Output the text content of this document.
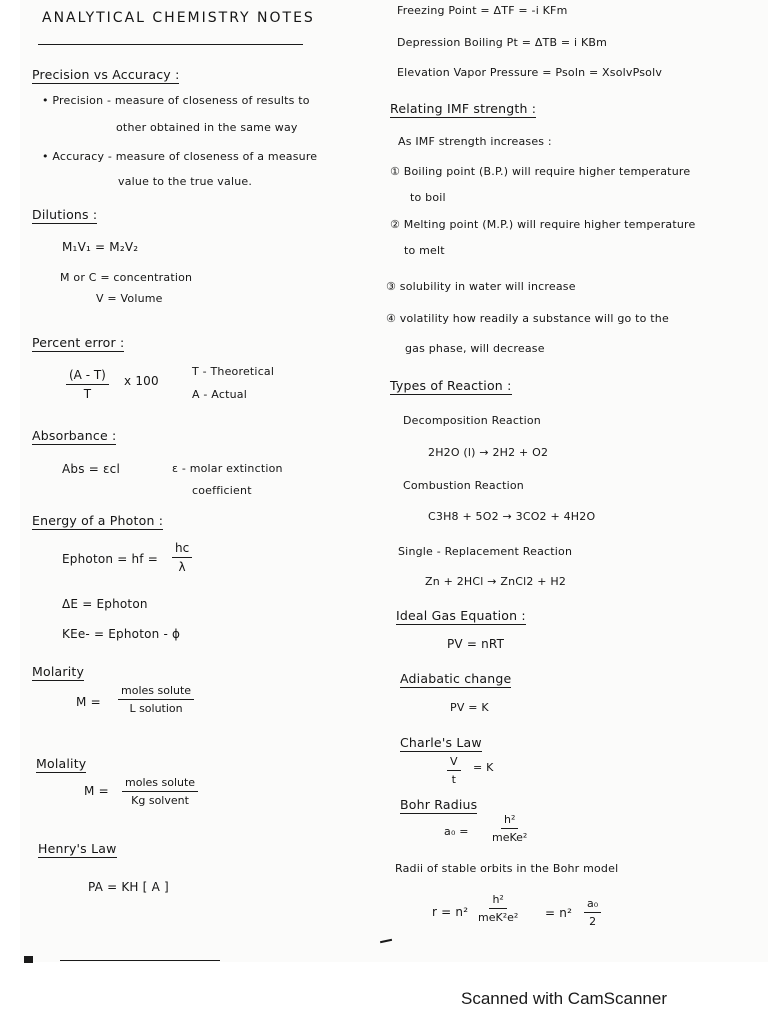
ANALYTICAL CHEMISTRY NOTES
Precision vs Accuracy :
• Precision - measure of closeness of results to
other obtained in the same way
• Accuracy - measure of closeness of a measure
value to the true value.
Dilutions :
M₁V₁ = M₂V₂
M or C = concentration
V = Volume
Percent error :
$\frac{(A - T)}{T}$ x 100
T - Theoretical
A - Actual
Absorbance :
Abs = εcl	ε - molar extinction
coefficient
Energy of a Photon :
Ephoton = hf = $\frac{hc}{\lambda}$
ΔE = Ephoton
KEe- = Ephoton - ϕ
Molarity
M =
moles solute
L solution
Molality
M =
moles solute
Kg solvent
Henry's Law
PA = KH [ A ]
Freezing Point = ΔTF = -i KFm
Depression Boiling Pt = ΔTB = i KBm
Elevation Vapor Pressure = Psoln = XsolvPsolv
Relating IMF strength :
As IMF strength increases :
① Boiling point (B.P.) will require higher temperature
to boil
② Melting point (M.P.) will require higher temperature
to melt
③ solubility in water will increase
④ volatility how readily a substance will go to the
gas phase, will decrease
Types of Reaction :
Decomposition Reaction
2H2O (l) → 2H2 + O2
Combustion Reaction
C3H8 + 5O2 → 3CO2 + 4H2O
Single - Replacement Reaction
Zn + 2HCl → ZnCl2 + H2
Ideal Gas Equation :
PV = nRT
Adiabatic change
PV = K
Charle's Law
$\frac{V}{t} = K$
Bohr Radius
a₀ =
h²
meKe²
Radii of stable orbits in the Bohr model
r = n²
h²
$meK^2e^2 = n^2 \frac{\text{a₀}}{2}$
Scanned with CamScanner
